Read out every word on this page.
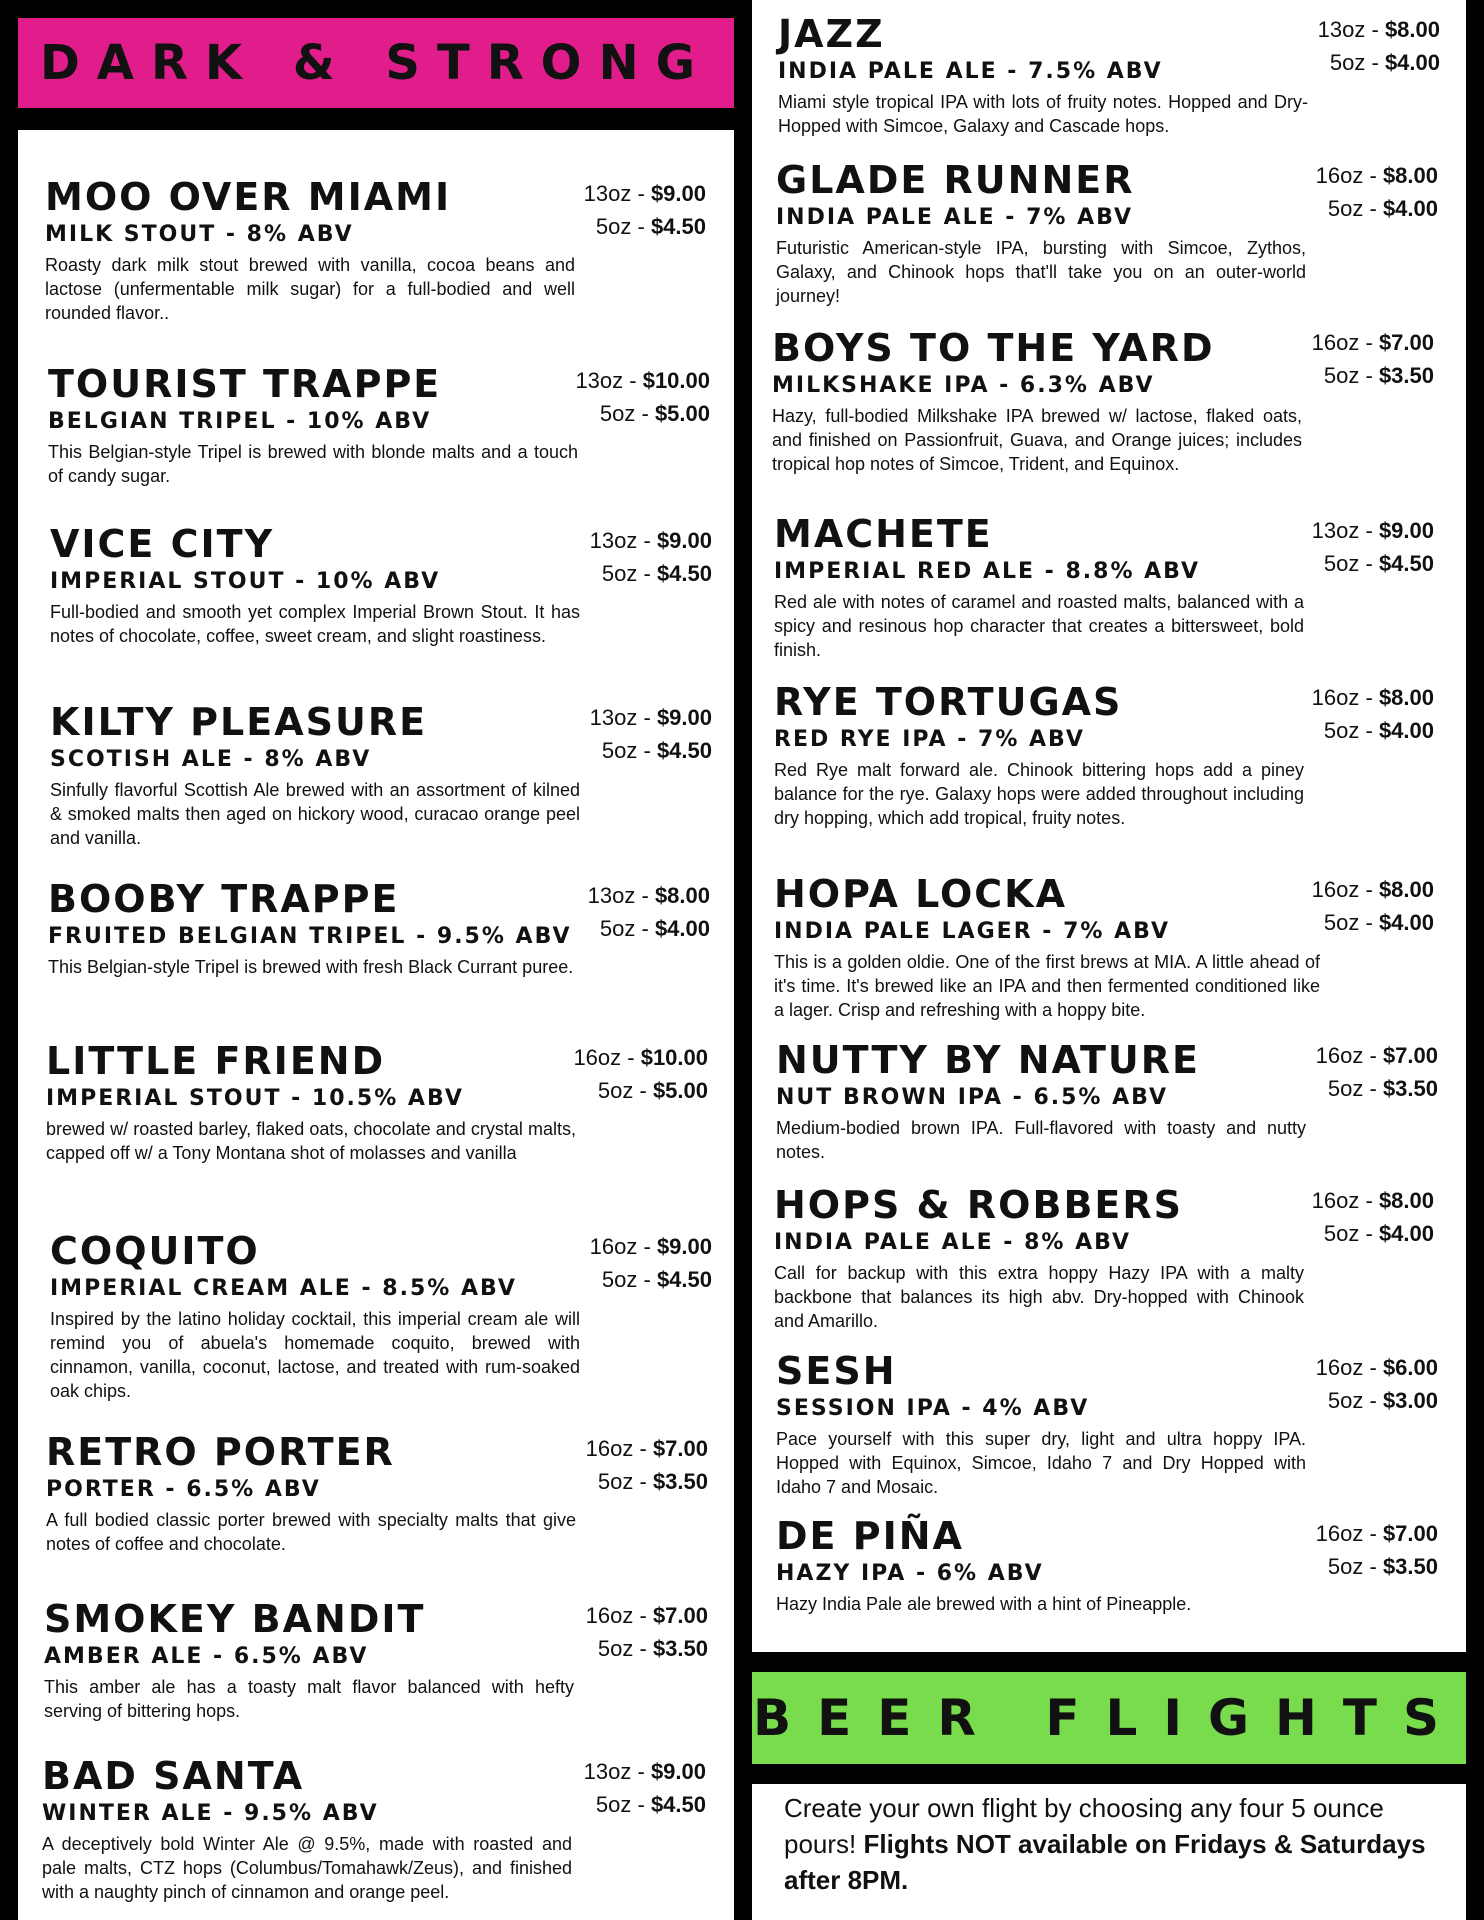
DARK & STRONG
BEER FLIGHTS
Create your own flight by choosing any four 5 ounce pours! Flights NOT available on Fridays & Saturdays after 8PM.
MOO OVER MIAMI
MILK STOUT - 8% ABV
Roasty dark milk stout brewed with vanilla, cocoa beans and lactose (unfermentable milk sugar) for a full-bodied and well rounded flavor..
13oz - $9.00
5oz - $4.50
TOURIST TRAPPE
BELGIAN TRIPEL - 10% ABV
This Belgian-style Tripel is brewed with blonde malts and a touch of candy sugar.
13oz - $10.00
5oz - $5.00
VICE CITY
IMPERIAL STOUT - 10% ABV
Full-bodied and smooth yet complex Imperial Brown Stout. It has notes of chocolate, coffee, sweet cream, and slight roastiness.
13oz - $9.00
5oz - $4.50
KILTY PLEASURE
SCOTISH ALE - 8% ABV
Sinfully flavorful Scottish Ale brewed with an assortment of kilned & smoked malts then aged on hickory wood, curacao orange peel and vanilla.
13oz - $9.00
5oz - $4.50
BOOBY TRAPPE
FRUITED BELGIAN TRIPEL - 9.5% ABV
This Belgian-style Tripel is brewed with fresh Black Currant puree.
13oz - $8.00
5oz - $4.00
LITTLE FRIEND
IMPERIAL STOUT - 10.5% ABV
brewed w/ roasted barley, flaked oats, chocolate and crystal malts, capped off w/ a Tony Montana shot of molasses and vanilla
16oz - $10.00
5oz - $5.00
COQUITO
IMPERIAL CREAM ALE - 8.5% ABV
Inspired by the latino holiday cocktail, this imperial cream ale will remind you of abuela's homemade coquito, brewed with cinnamon, vanilla, coconut, lactose, and treated with rum-soaked oak chips.
16oz - $9.00
5oz - $4.50
RETRO PORTER
PORTER - 6.5% ABV
A full bodied classic porter brewed with specialty malts that give notes of coffee and chocolate.
16oz - $7.00
5oz - $3.50
SMOKEY BANDIT
AMBER ALE - 6.5% ABV
This amber ale has a toasty malt flavor balanced with hefty serving of bittering hops.
16oz - $7.00
5oz - $3.50
BAD SANTA
WINTER ALE - 9.5% ABV
A deceptively bold Winter Ale @ 9.5%, made with roasted and pale malts, CTZ hops (Columbus/Tomahawk/Zeus), and finished with a naughty pinch of cinnamon and orange peel.
13oz - $9.00
5oz - $4.50
JAZZ
INDIA PALE ALE - 7.5% ABV
Miami style tropical IPA with lots of fruity notes. Hopped and Dry-Hopped with Simcoe, Galaxy and Cascade hops.
13oz - $8.00
5oz - $4.00
GLADE RUNNER
INDIA PALE ALE - 7% ABV
Futuristic American-style IPA, bursting with Simcoe, Zythos, Galaxy, and Chinook hops that'll take you on an outer-world journey!
16oz - $8.00
5oz - $4.00
BOYS TO THE YARD
MILKSHAKE IPA - 6.3% ABV
Hazy, full-bodied Milkshake IPA brewed w/ lactose, flaked oats, and finished on Passionfruit, Guava, and Orange juices; includes tropical hop notes of Simcoe, Trident, and Equinox.
16oz - $7.00
5oz - $3.50
MACHETE
IMPERIAL RED ALE - 8.8% ABV
Red ale with notes of caramel and roasted malts, balanced with a spicy and resinous hop character that creates a bittersweet, bold finish.
13oz - $9.00
5oz - $4.50
RYE TORTUGAS
RED RYE IPA - 7% ABV
Red Rye malt forward ale. Chinook bittering hops add a piney balance for the rye. Galaxy hops were added throughout including dry hopping, which add tropical, fruity notes.
16oz - $8.00
5oz - $4.00
HOPA LOCKA
INDIA PALE LAGER - 7% ABV
This is a golden oldie. One of the first brews at MIA. A little ahead of it's time. It's brewed like an IPA and then fermented conditioned like a lager. Crisp and refreshing with a hoppy bite.
16oz - $8.00
5oz - $4.00
NUTTY BY NATURE
NUT BROWN IPA - 6.5% ABV
Medium-bodied brown IPA. Full-flavored with toasty and nutty notes.
16oz - $7.00
5oz - $3.50
HOPS & ROBBERS
INDIA PALE ALE - 8% ABV
Call for backup with this extra hoppy Hazy IPA with a malty backbone that balances its high abv. Dry-hopped with Chinook and Amarillo.
16oz - $8.00
5oz - $4.00
SESH
SESSION IPA - 4% ABV
Pace yourself with this super dry, light and ultra hoppy IPA. Hopped with Equinox, Simcoe, Idaho 7 and Dry Hopped with Idaho 7 and Mosaic.
16oz - $6.00
5oz - $3.00
DE PIÑA
HAZY IPA - 6% ABV
Hazy India Pale ale brewed with a hint of Pineapple.
16oz - $7.00
5oz - $3.50
